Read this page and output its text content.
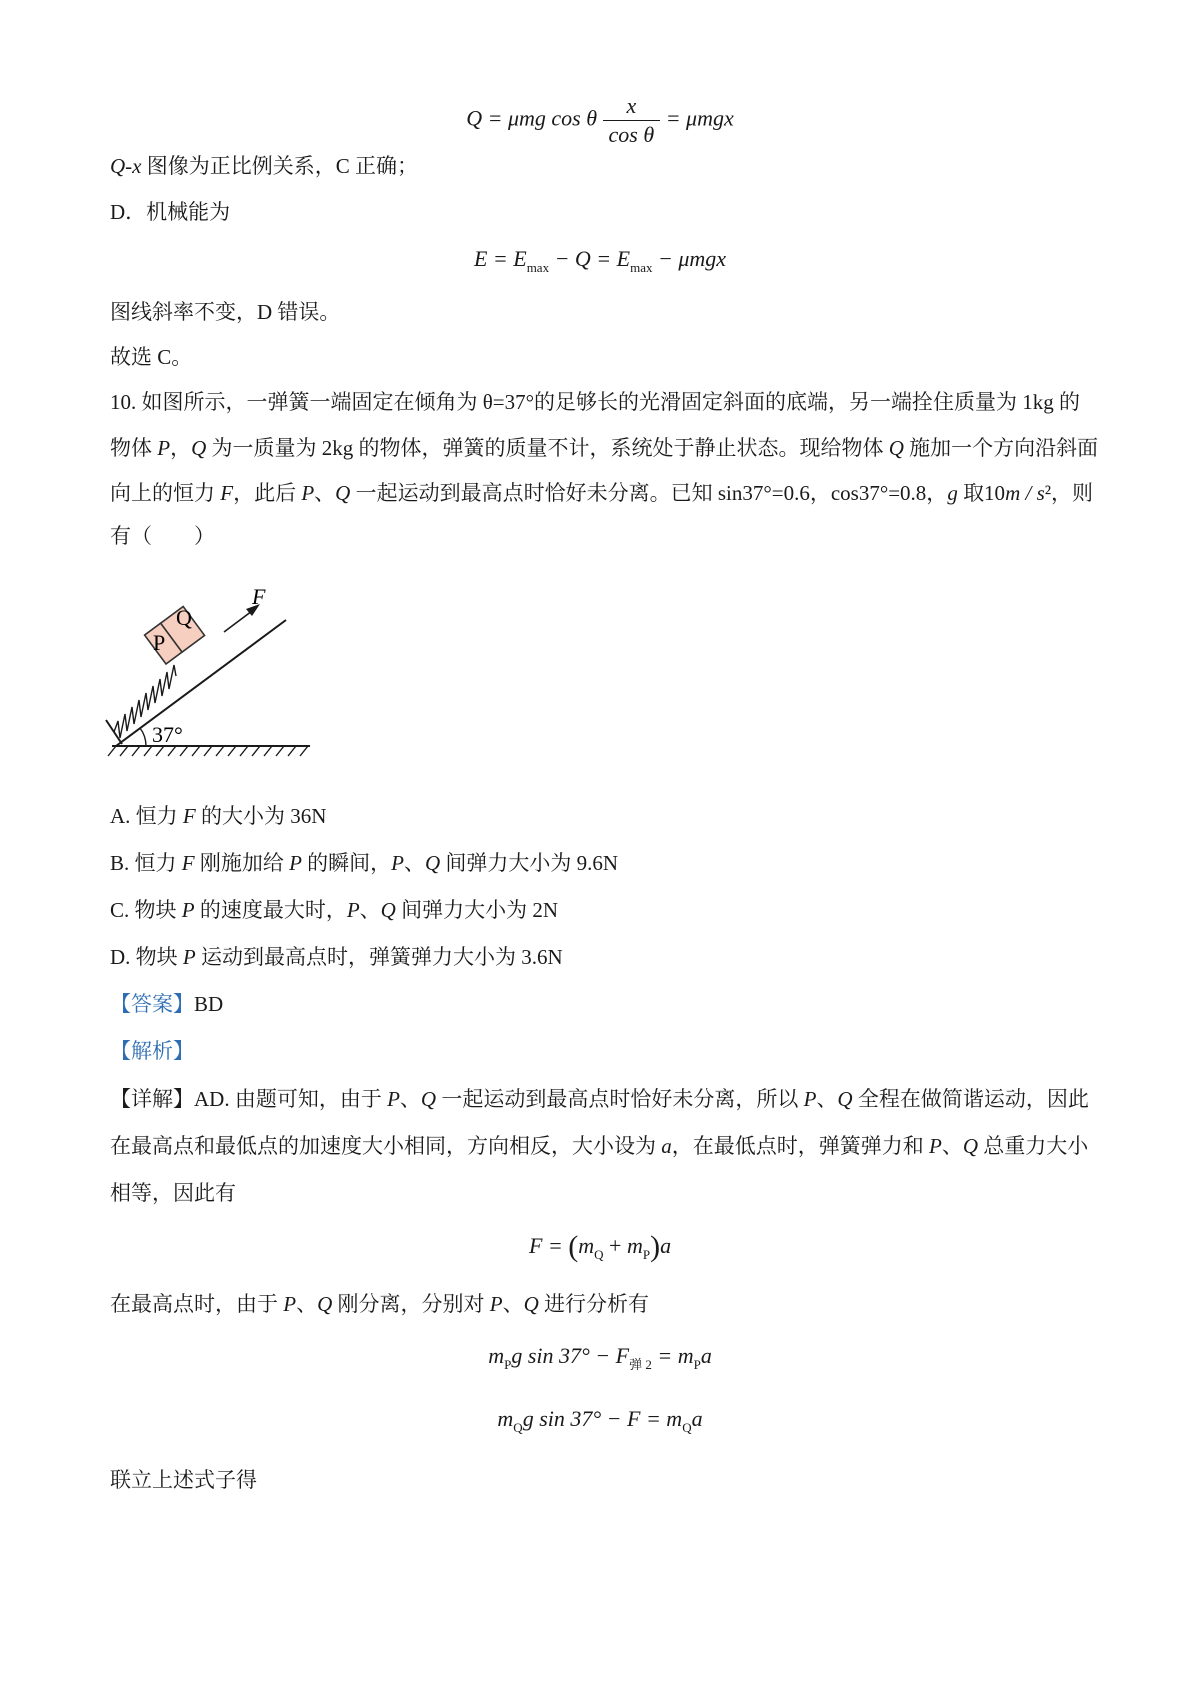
Q = μmg cos θ $\frac{x}{\text{cos θ}} = \mu mgx$
Q-x 图像为正比例关系，C 正确；
D．机械能为
$E = E_{max} - Q = E_{max} - \mu mgx$
图线斜率不变，D 错误。
故选 C。
10. 如图所示，一弹簧一端固定在倾角为 θ=37°的足够长的光滑固定斜面的底端，另一端拴住质量为 1kg 的
物体 P，Q 为一质量为 2kg 的物体，弹簧的质量不计，系统处于静止状态。现给物体 Q 施加一个方向沿斜面
向上的恒力 F，此后 P、Q 一起运动到最高点时恰好未分离。已知 sin37°=0.6，cos37°=0.8，g 取10m / s²，则
有（　　）
F
Q
P
37°
A. 恒力 F 的大小为 36N
B. 恒力 F 刚施加给 P 的瞬间，P、Q 间弹力大小为 9.6N
C. 物块 P 的速度最大时，P、Q 间弹力大小为 2N
D. 物块 P 运动到最高点时，弹簧弹力大小为 3.6N
【答案】BD
【解析】
【详解】AD. 由题可知，由于 P、Q 一起运动到最高点时恰好未分离，所以 P、Q 全程在做简谐运动，因此
在最高点和最低点的加速度大小相同，方向相反，大小设为 a，在最低点时，弹簧弹力和 P、Q 总重力大小
相等，因此有
$F = (m_Q + m_P)a$
在最高点时，由于 P、Q 刚分离，分别对 P、Q 进行分析有
$m_Pg$ $\sin 37^\circ - F_{弹 2} = m_Pa$
$m_Qg$ $\sin 37^\circ - F = m_Qa$
联立上述式子得
